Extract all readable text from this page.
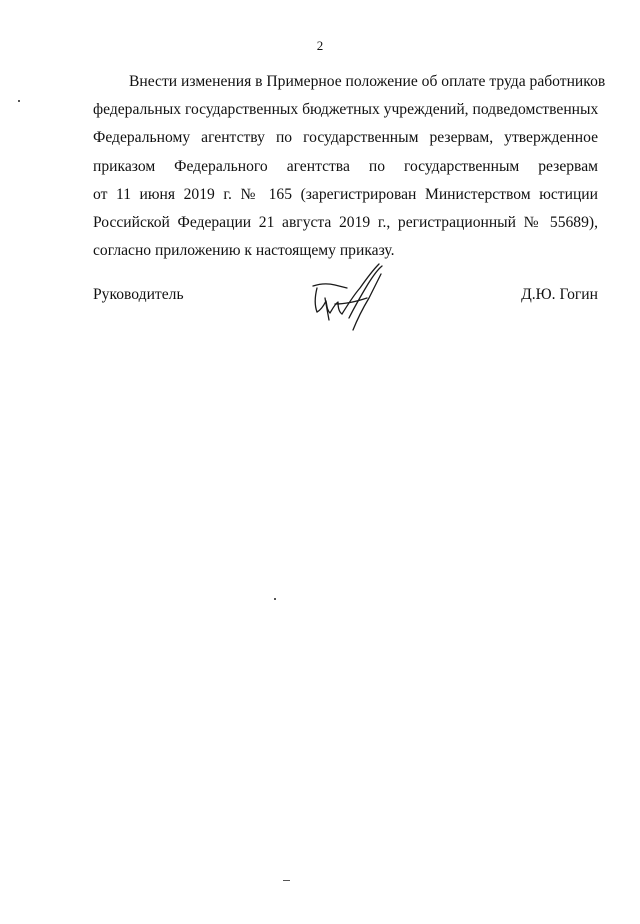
2
Внести изменения в Примерное положение об оплате труда работников
федеральных государственных бюджетных учреждений, подведомственных
Федеральному агентству по государственным резервам, утвержденное
приказом Федерального агентства по государственным резервам
от 11 июня 2019 г. № 165 (зарегистрирован Министерством юстиции
Российской Федерации 21 августа 2019 г., регистрационный № 55689),
согласно приложению к настоящему приказу.
Руководитель	Д.Ю. Гогин
